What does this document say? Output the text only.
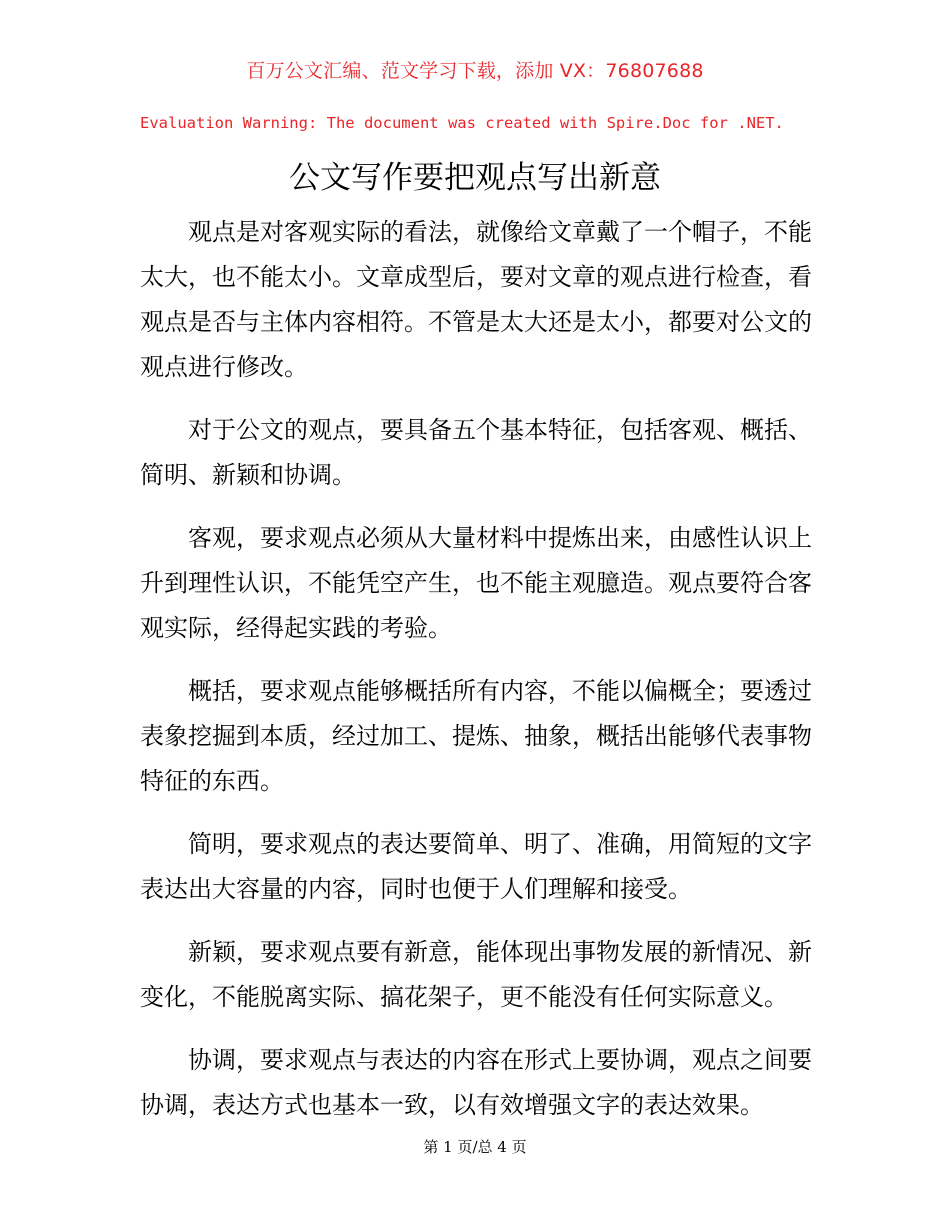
百万公文汇编、范文学习下载，添加 VX：76807688
Evaluation Warning: The document was created with Spire.Doc for .NET.
公文写作要把观点写出新意

观点是对客观实际的看法，就像给文章戴了一个帽子，不能太大，也不能太小。文章成型后，要对文章的观点进行检查，看观点是否与主体内容相符。不管是太大还是太小，都要对公文的观点进行修改。

对于公文的观点，要具备五个基本特征，包括客观、概括、简明、新颖和协调。

客观，要求观点必须从大量材料中提炼出来，由感性认识上升到理性认识，不能凭空产生，也不能主观臆造。观点要符合客观实际，经得起实践的考验。

概括，要求观点能够概括所有内容，不能以偏概全；要透过表象挖掘到本质，经过加工、提炼、抽象，概括出能够代表事物特征的东西。

简明，要求观点的表达要简单、明了、准确，用简短的文字表达出大容量的内容，同时也便于人们理解和接受。

新颖，要求观点要有新意，能体现出事物发展的新情况、新变化，不能脱离实际、搞花架子，更不能没有任何实际意义。

协调，要求观点与表达的内容在形式上要协调，观点之间要协调，表达方式也基本一致，以有效增强文字的表达效果。

第 1 页/总 4 页
